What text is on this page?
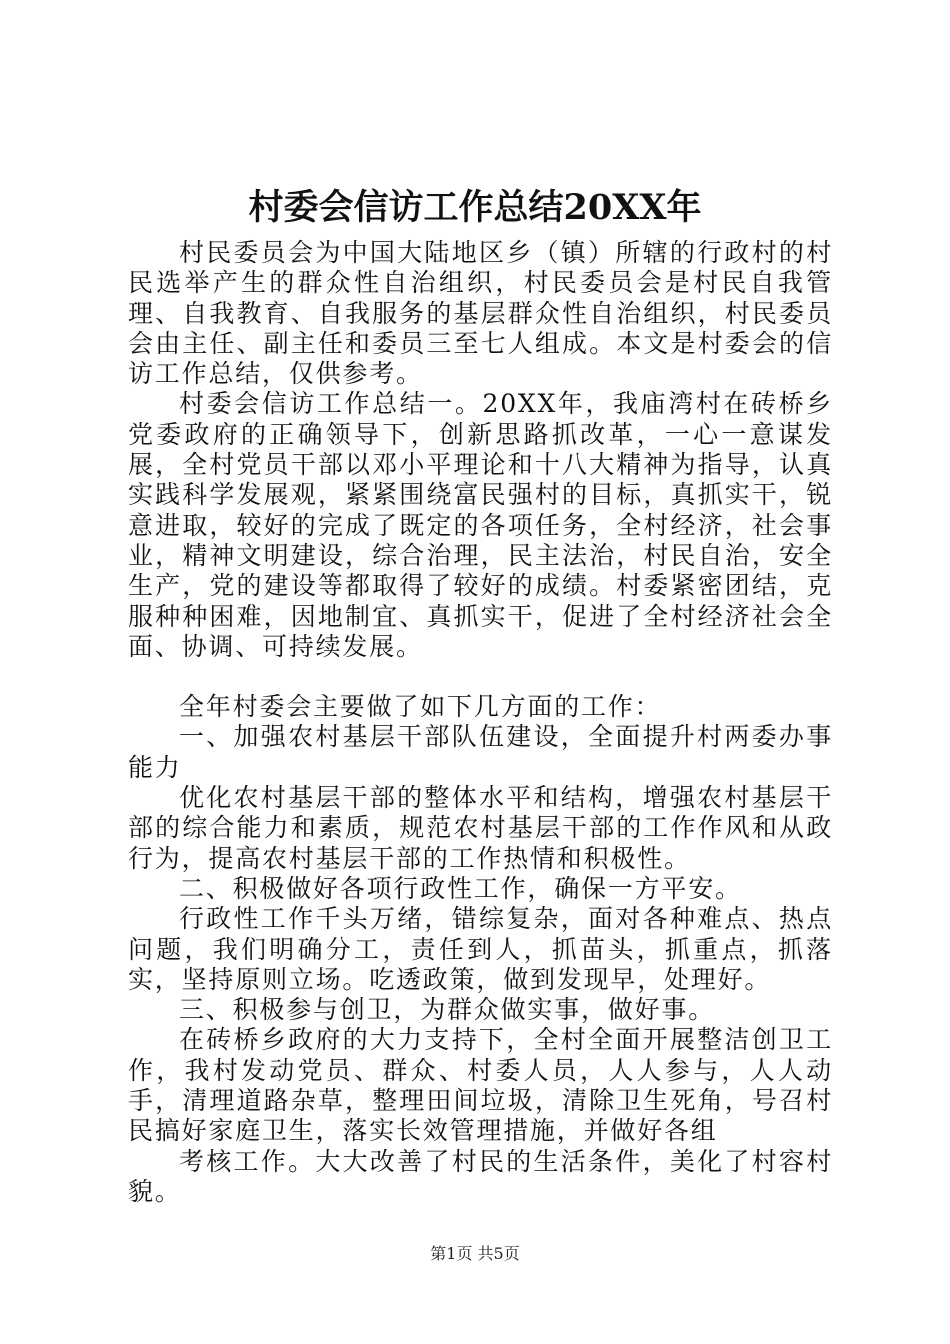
村委会信访工作总结20XX年

村民委员会为中国大陆地区乡（镇）所辖的行政村的村民选举产生的群众性自治组织，村民委员会是村民自我管理、自我教育、自我服务的基层群众性自治组织，村民委员会由主任、副主任和委员三至七人组成。本文是村委会的信访工作总结，仅供参考。

村委会信访工作总结一。20XX年，我庙湾村在砖桥乡党委政府的正确领导下，创新思路抓改革，一心一意谋发展，全村党员干部以邓小平理论和十八大精神为指导，认真实践科学发展观，紧紧围绕富民强村的目标，真抓实干，锐意进取，较好的完成了既定的各项任务，全村经济，社会事业，精神文明建设，综合治理，民主法治，村民自治，安全生产，党的建设等都取得了较好的成绩。村委紧密团结，克服种种困难，因地制宜、真抓实干，促进了全村经济社会全面、协调、可持续发展。

全年村委会主要做了如下几方面的工作：

一、加强农村基层干部队伍建设，全面提升村两委办事能力

优化农村基层干部的整体水平和结构，增强农村基层干部的综合能力和素质，规范农村基层干部的工作作风和从政行为，提高农村基层干部的工作热情和积极性。

二、积极做好各项行政性工作，确保一方平安。

行政性工作千头万绪，错综复杂，面对各种难点、热点问题，我们明确分工，责任到人，抓苗头，抓重点，抓落实，坚持原则立场。吃透政策，做到发现早，处理好。

三、积极参与创卫，为群众做实事，做好事。

在砖桥乡政府的大力支持下，全村全面开展整洁创卫工作，我村发动党员、群众、村委人员，人人参与，人人动手，清理道路杂草，整理田间垃圾，清除卫生死角，号召村民搞好家庭卫生，落实长效管理措施，并做好各组

考核工作。大大改善了村民的生活条件，美化了村容村貌。

第1页 共5页
